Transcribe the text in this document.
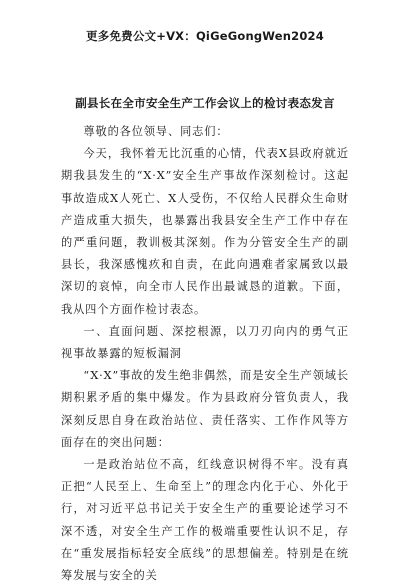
更多免费公文+VX：QiGeGongWen2024
副县长在全市安全生产工作会议上的检讨表态发言

尊敬的各位领导、同志们：

今天，我怀着无比沉重的心情，代表X县政府就近期我县发生的“X·X”安全生产事故作深刻检讨。这起事故造成X人死亡、X人受伤，不仅给人民群众生命财产造成重大损失，也暴露出我县安全生产工作中存在的严重问题，教训极其深刻。作为分管安全生产的副县长，我深感愧疚和自责，在此向遇难者家属致以最深切的哀悼，向全市人民作出最诚恳的道歉。下面，我从四个方面作检讨表态。

一、直面问题、深挖根源，以刀刃向内的勇气正视事故暴露的短板漏洞

“X·X”事故的发生绝非偶然，而是安全生产领域长期积累矛盾的集中爆发。作为县政府分管负责人，我深刻反思自身在政治站位、责任落实、工作作风等方面存在的突出问题：

一是政治站位不高，红线意识树得不牢。没有真正把“人民至上、生命至上”的理念内化于心、外化于行，对习近平总书记关于安全生产的重要论述学习不深不透，对安全生产工作的极端重要性认识不足，存在“重发展指标轻安全底线”的思想偏差。特别是在统筹发展与安全的关
